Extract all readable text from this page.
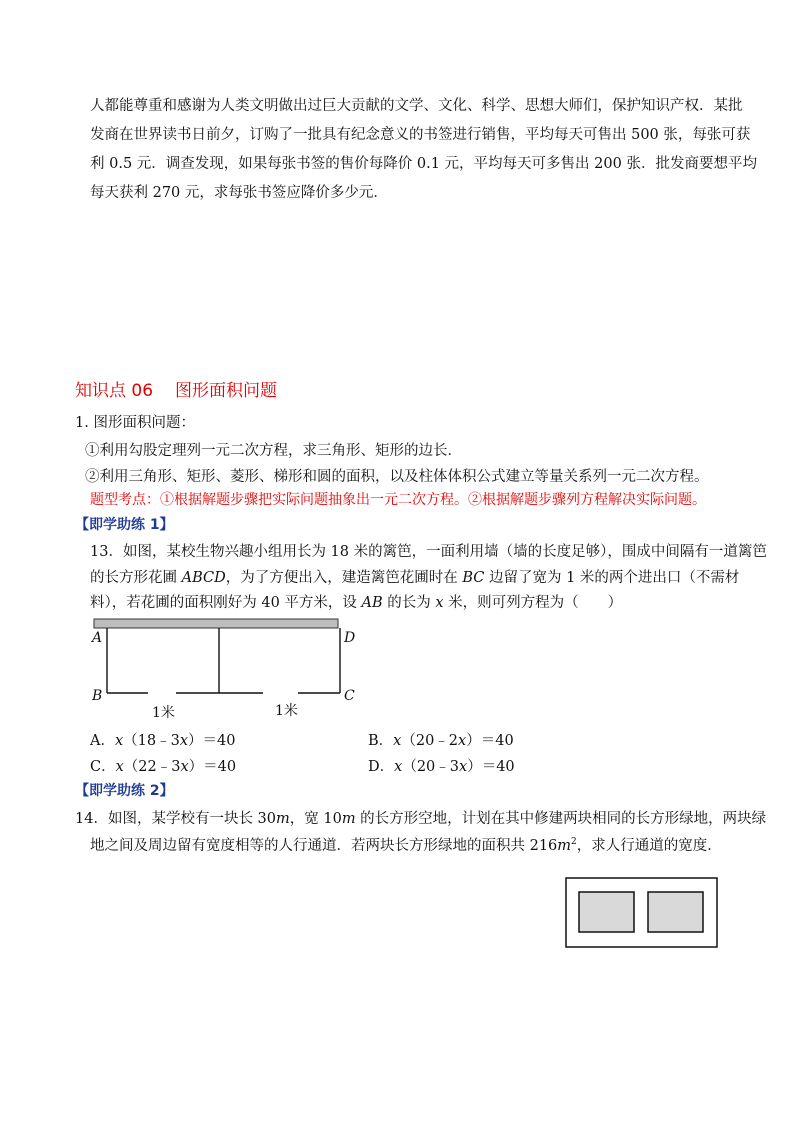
人都能尊重和感谢为人类文明做出过巨大贡献的文学、文化、科学、思想大师们，保护知识产权．某批
发商在世界读书日前夕，订购了一批具有纪念意义的书签进行销售，平均每天可售出 500 张，每张可获
利 0.5 元．调查发现，如果每张书签的售价每降价 0.1 元，平均每天可多售出 200 张．批发商要想平均
每天获利 270 元，求每张书签应降价多少元．
知识点 06 图形面积问题
1. 图形面积问题：
①利用勾股定理列一元二次方程，求三角形、矩形的边长．
②利用三角形、矩形、菱形、梯形和圆的面积，以及柱体体积公式建立等量关系列一元二次方程。
题型考点：①根据解题步骤把实际问题抽象出一元二次方程。②根据解题步骤列方程解决实际问题。
【即学助练 1】
13．如图，某校生物兴趣小组用长为 18 米的篱笆，一面利用墙（墙的长度足够），围成中间隔有一道篱笆
的长方形花圃 ABCD，为了方便出入，建造篱笆花圃时在 BC 边留了宽为 1 米的两个进出口（不需材
料），若花圃的面积刚好为 40 平方米，设 AB 的长为 x 米，则可列方程为（　　）
A	D
B	C
1米	1米
A．x（18﹣3x）＝40	B．x（20﹣2x）＝40
C．x（22﹣3x）＝40	D．x（20﹣3x）＝40
【即学助练 2】
14．如图，某学校有一块长 30m，宽 10m 的长方形空地，计划在其中修建两块相同的长方形绿地，两块绿
地之间及周边留有宽度相等的人行通道．若两块长方形绿地的面积共 $216m^2$，求人行通道的宽度．
